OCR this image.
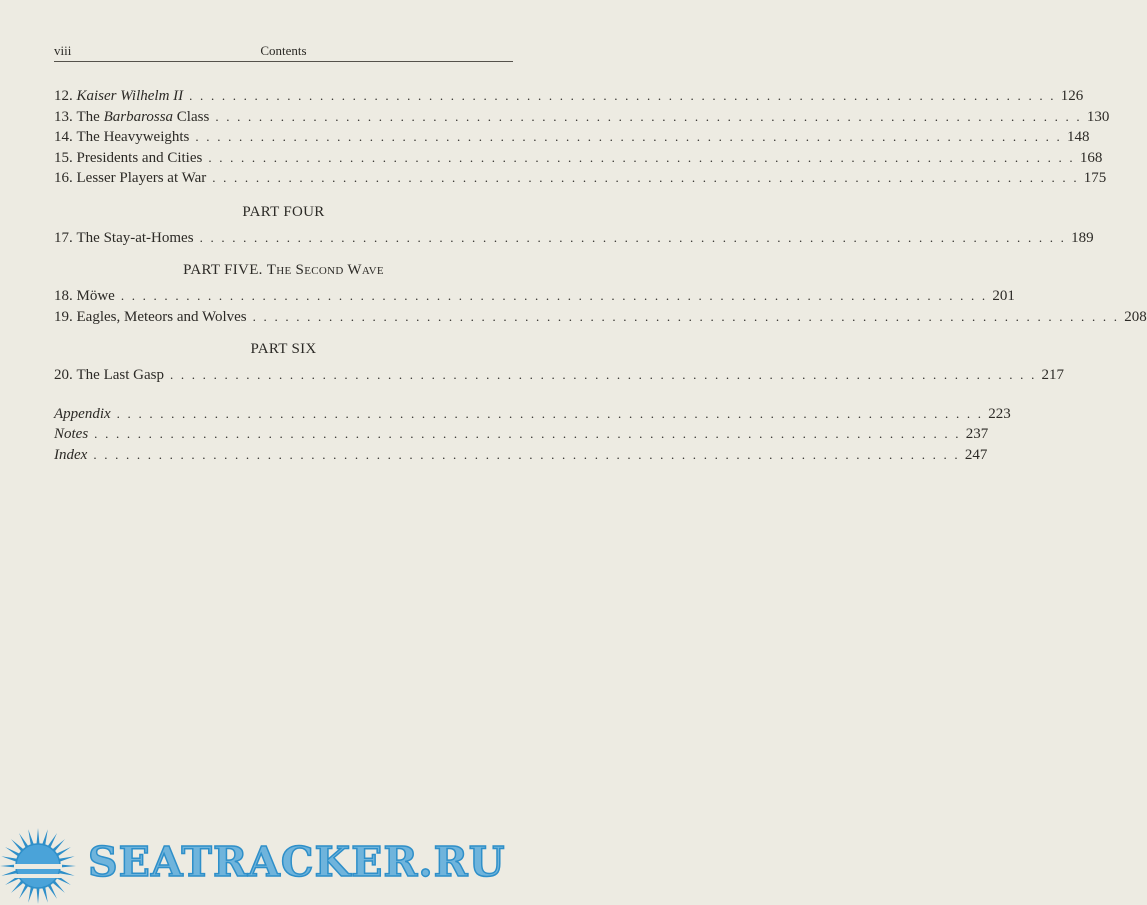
viii	Contents
12. Kaiser Wilhelm II . . . . . . . . . . . . . . . . . . . . . . . . . . . . . . . . . . . . . . . . . . . . . . . . . . . . . . . . . . . . . . . . . . . . . . . . . . . . . . . . 126
13. The Barbarossa Class . . . . . . . . . . . . . . . . . . . . . . . . . . . . . . . . . . . . . . . . . . . . . . . . . . . . . . . . . . . . . . . . . . . . . . . . . . . . . . . . 130
14. The Heavyweights . . . . . . . . . . . . . . . . . . . . . . . . . . . . . . . . . . . . . . . . . . . . . . . . . . . . . . . . . . . . . . . . . . . . . . . . . . . . . . . . 148
15. Presidents and Cities . . . . . . . . . . . . . . . . . . . . . . . . . . . . . . . . . . . . . . . . . . . . . . . . . . . . . . . . . . . . . . . . . . . . . . . . . . . . . . . . 168
16. Lesser Players at War . . . . . . . . . . . . . . . . . . . . . . . . . . . . . . . . . . . . . . . . . . . . . . . . . . . . . . . . . . . . . . . . . . . . . . . . . . . . . . . . 175
PART FOUR
17. The Stay-at-Homes . . . . . . . . . . . . . . . . . . . . . . . . . . . . . . . . . . . . . . . . . . . . . . . . . . . . . . . . . . . . . . . . . . . . . . . . . . . . . . . . 189
PART FIVE. The Second Wave
18. Möwe . . . . . . . . . . . . . . . . . . . . . . . . . . . . . . . . . . . . . . . . . . . . . . . . . . . . . . . . . . . . . . . . . . . . . . . . . . . . . . . . 201
19. Eagles, Meteors and Wolves . . . . . . . . . . . . . . . . . . . . . . . . . . . . . . . . . . . . . . . . . . . . . . . . . . . . . . . . . . . . . . . . . . . . . . . . . . . . . . . . 208
PART SIX
20. The Last Gasp . . . . . . . . . . . . . . . . . . . . . . . . . . . . . . . . . . . . . . . . . . . . . . . . . . . . . . . . . . . . . . . . . . . . . . . . . . . . . . . . 217
Appendix . . . . . . . . . . . . . . . . . . . . . . . . . . . . . . . . . . . . . . . . . . . . . . . . . . . . . . . . . . . . . . . . . . . . . . . . . . . . . . . . 223
Notes . . . . . . . . . . . . . . . . . . . . . . . . . . . . . . . . . . . . . . . . . . . . . . . . . . . . . . . . . . . . . . . . . . . . . . . . . . . . . . . . 237
Index . . . . . . . . . . . . . . . . . . . . . . . . . . . . . . . . . . . . . . . . . . . . . . . . . . . . . . . . . . . . . . . . . . . . . . . . . . . . . . . . 247
SEATRACKER.RU
